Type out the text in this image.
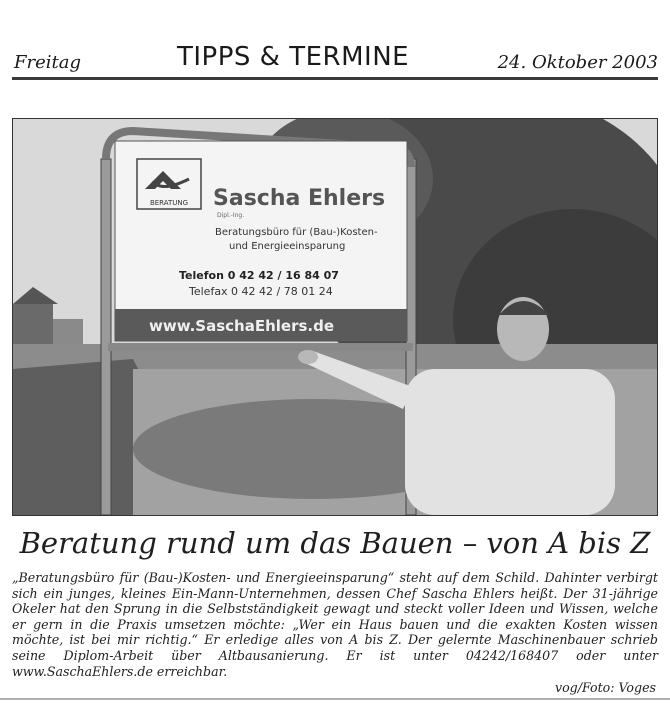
Freitag	TIPPS & TERMINE	24. Oktober 2003
BERATUNG Sascha Ehlers
Dipl.-Ing.
Beratungsbüro für (Bau-)Kosten-
und Energieeinsparung
Telefon 0 42 42 / 16 84 07
Telefax 0 42 42 / 78 01 24
www.SaschaEhlers.de
Beratung rund um das Bauen – von A bis Z
„Beratungsbüro für (Bau-)Kosten- und Energieeinsparung“ steht auf dem Schild. Dahinter verbirgt sich ein junges, kleines Ein-Mann-Unternehmen, dessen Chef Sascha Ehlers heißt. Der 31-jährige Okeler hat den Sprung in die Selbstständigkeit gewagt und steckt voller Ideen und Wissen, welche er gern in die Praxis umsetzen möchte: „Wer ein Haus bauen und die exakten Kosten wissen möchte, ist bei mir richtig.“ Er erledige alles von A bis Z. Der gelernte Maschinenbauer schrieb seine Diplom-Arbeit über Altbausanierung. Er ist unter 04242/168407 oder unter www.SaschaEhlers.de erreichbar.
vog/Foto: Voges
